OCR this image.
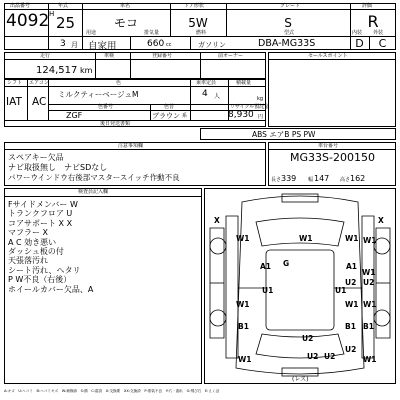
出品番号	年式	車名	ドア形状	グレード	評価
4092 H 25	モコ	5W	S	R
3 月
用途
自家用
排気量
660 cc
燃料
ガソリン
型式
DBA-MG33S
内装 外装
D	C
走行	車検	登録番号	前オーナー
124,517 km
セールスポイント
シフト エアコン	色	乗車定員	積載量
IAT AC
ミルクティーベージュM	4 人	kg
色番号	色替	リサイクル預託金
ZGF	ブラウン 系	8,930 円
後日発送書類
ABS エアB PS PW
注意事項欄
スペアキー欠品
ナビ取扱無し　ナビSDなし
パワーウインドウ右後部マスタースイッチ作動不良
車台番号
MG33S-200150
長さ 339 幅 147 高さ 162
検査員記入欄
Fサイドメンバー W
トランクフロア U
コアサポート X X
マフラー X
A C 効き悪い
ダッシュ板の付
天張落汚れ
シート汚れ、ヘタリ
P W不良（右後）
ホイールカバー欠品、A
W1	W1	W1 W1
A1 G	A1
W1	W1 W1
B1	B1 B1
U2
U2 U2
U1	U1
W1
U2 U2
W1	W1
U2
X	X
(レス)
A:キズ　U:ヘコミ　B:ヘコミキズ　W:補修跡　S:錆　C:腐食　X:交換要　XX:交換済　P:塗装不良　Y:穴・割れ　G:飛び石　E:えくぼ
